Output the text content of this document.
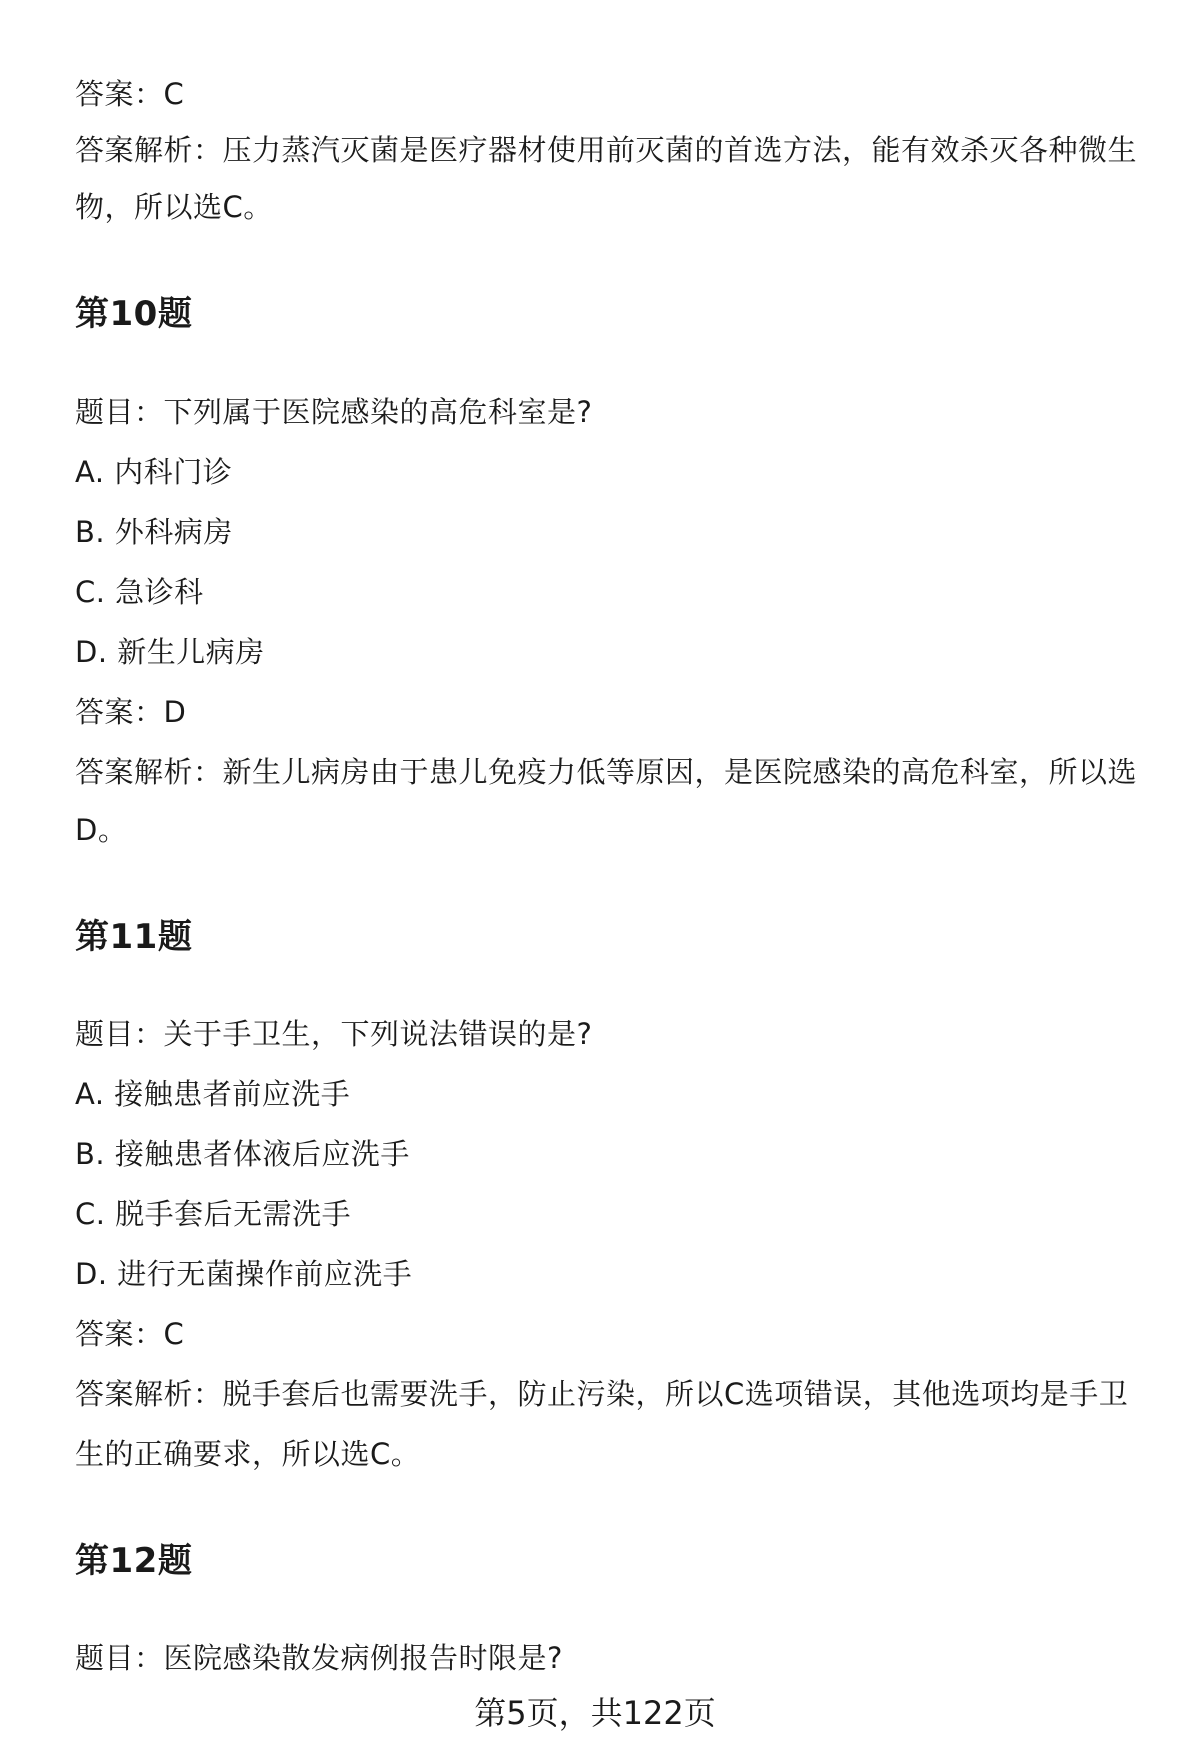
答案：C
答案解析：压力蒸汽灭菌是医疗器材使用前灭菌的首选方法，能有效杀灭各种微生
物，所以选C。
第10题
题目：下列属于医院感染的高危科室是?
A. 内科门诊
B. 外科病房
C. 急诊科
D. 新生儿病房
答案：D
答案解析：新生儿病房由于患儿免疫力低等原因，是医院感染的高危科室，所以选
D。
第11题
题目：关于手卫生，下列说法错误的是?
A. 接触患者前应洗手
B. 接触患者体液后应洗手
C. 脱手套后无需洗手
D. 进行无菌操作前应洗手
答案：C
答案解析：脱手套后也需要洗手，防止污染，所以C选项错误，其他选项均是手卫
生的正确要求，所以选C。
第12题
题目：医院感染散发病例报告时限是?
第5页，共122页
